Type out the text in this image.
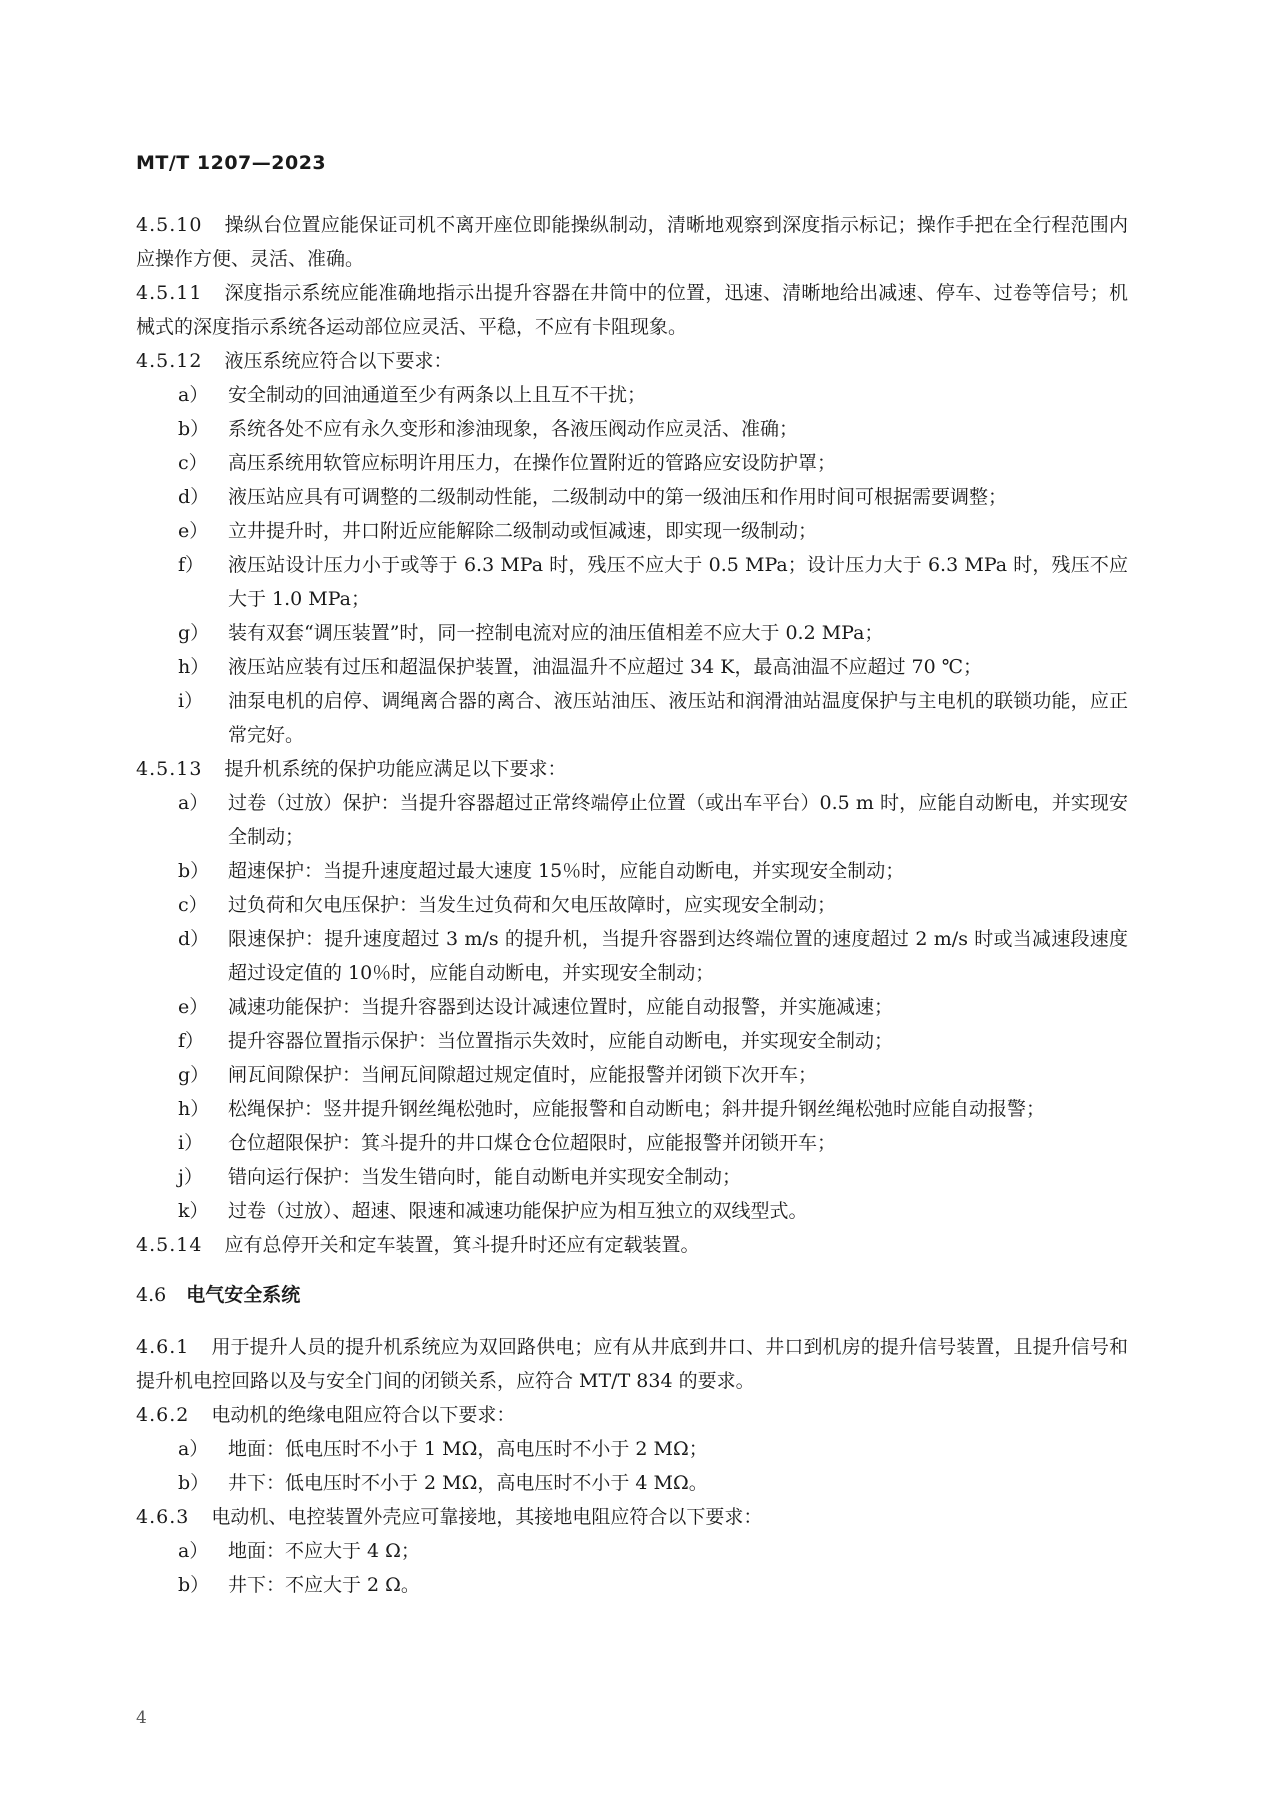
MT/T 1207—2023

4.5.10 操纵台位置应能保证司机不离开座位即能操纵制动，清晰地观察到深度指示标记；操作手把在全行程范围内应操作方便、灵活、准确。

4.5.11 深度指示系统应能准确地指示出提升容器在井筒中的位置，迅速、清晰地给出减速、停车、过卷等信号；机械式的深度指示系统各运动部位应灵活、平稳，不应有卡阻现象。

4.5.12 液压系统应符合以下要求：

a）	安全制动的回油通道至少有两条以上且互不干扰；

b） 系统各处不应有永久变形和渗油现象，各液压阀动作应灵活、准确；

c）	高压系统用软管应标明许用压力，在操作位置附近的管路应安设防护罩；

d） 液压站应具有可调整的二级制动性能，二级制动中的第一级油压和作用时间可根据需要调整；

e）	立井提升时，井口附近应能解除二级制动或恒减速，即实现一级制动；

f）	液压站设计压力小于或等于 6.3 MPa 时，残压不应大于 0.5 MPa；设计压力大于 6.3 MPa 时，残压不应大于 1.0 MPa；

g） 装有双套“调压装置”时，同一控制电流对应的油压值相差不应大于 0.2 MPa；

h） 液压站应装有过压和超温保护装置，油温温升不应超过 34 K，最高油温不应超过 70 ℃；

i）	油泵电机的启停、调绳离合器的离合、液压站油压、液压站和润滑油站温度保护与主电机的联锁功能，应正常完好。

4.5.13 提升机系统的保护功能应满足以下要求：

a）	过卷（过放）保护：当提升容器超过正常终端停止位置（或出车平台）0.5 m 时，应能自动断电，并实现安全制动；

b） 超速保护：当提升速度超过最大速度 15％时，应能自动断电，并实现安全制动；

c）	过负荷和欠电压保护：当发生过负荷和欠电压故障时，应实现安全制动；

d） 限速保护：提升速度超过 3 m/s 的提升机，当提升容器到达终端位置的速度超过 2 m/s 时或当减速段速度超过设定值的 10％时，应能自动断电，并实现安全制动；

e）	减速功能保护：当提升容器到达设计减速位置时，应能自动报警，并实施减速；

f）	提升容器位置指示保护：当位置指示失效时，应能自动断电，并实现安全制动；

g） 闸瓦间隙保护：当闸瓦间隙超过规定值时，应能报警并闭锁下次开车；

h） 松绳保护：竖井提升钢丝绳松弛时，应能报警和自动断电；斜井提升钢丝绳松弛时应能自动报警；

i）	仓位超限保护：箕斗提升的井口煤仓仓位超限时，应能报警并闭锁开车；

j）	错向运行保护：当发生错向时，能自动断电并实现安全制动；

k）	过卷（过放）、超速、限速和减速功能保护应为相互独立的双线型式。

4.5.14 应有总停开关和定车装置，箕斗提升时还应有定载装置。

4.6 电气安全系统

4.6.1 用于提升人员的提升机系统应为双回路供电；应有从井底到井口、井口到机房的提升信号装置，且提升信号和提升机电控回路以及与安全门间的闭锁关系，应符合 MT/T 834 的要求。

4.6.2 电动机的绝缘电阻应符合以下要求：

a）	地面：低电压时不小于 1 MΩ，高电压时不小于 2 MΩ；

b） 井下：低电压时不小于 2 MΩ，高电压时不小于 4 MΩ。

4.6.3 电动机、电控装置外壳应可靠接地，其接地电阻应符合以下要求：

a）	地面：不应大于 4 Ω；

b） 井下：不应大于 2 Ω。

4
